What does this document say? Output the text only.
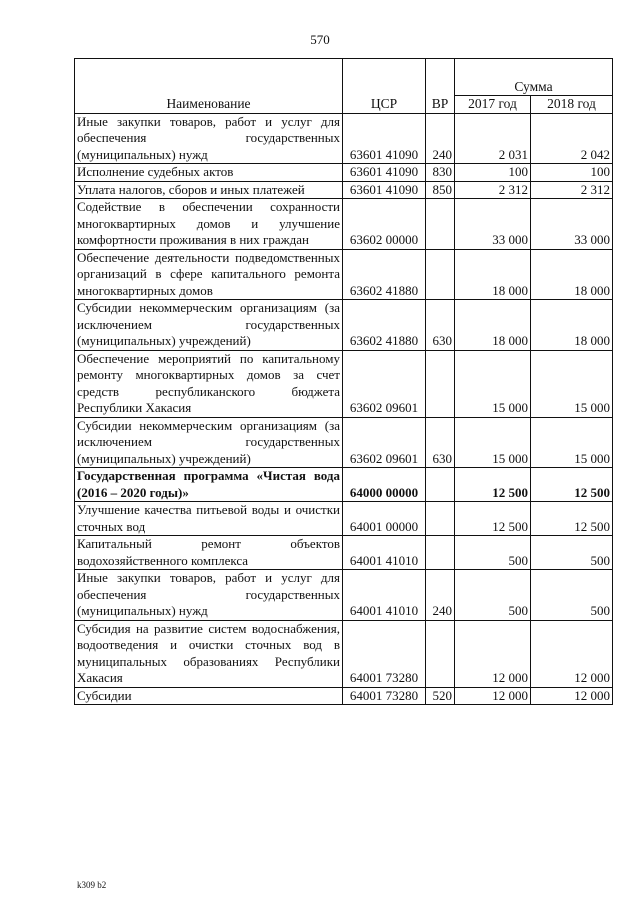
570
Наименование	ЦСР	ВР	Сумма	
			2017 год	2018 год
Иные закупки товаров, работ и услуг для обеспечения государственных (муниципальных) нужд	63601 41090	240	2 031	2 042
Исполнение судебных актов	63601 41090	830	100	100
Уплата налогов, сборов и иных платежей	63601 41090	850	2 312	2 312
Содействие в обеспечении сохранности многоквартирных домов и улучшение комфортности проживания в них граждан	63602 00000		33 000	33 000
Обеспечение деятельности подведомственных организаций в сфере капитального ремонта многоквартирных домов	63602 41880		18 000	18 000
Субсидии некоммерческим организациям (за исключением государственных (муниципальных) учреждений)	63602 41880	630	18 000	18 000
Обеспечение мероприятий по капитальному ремонту многоквартирных домов за счет средств республиканского бюджета Республики Хакасия	63602 09601		15 000	15 000
Субсидии некоммерческим организациям (за исключением государственных (муниципальных) учреждений)	63602 09601	630	15 000	15 000
Государственная программа «Чистая вода (2016 – 2020 годы)»	64000 00000		12 500	12 500
Улучшение качества питьевой воды и очистки сточных вод	64001 00000		12 500	12 500
Капитальный ремонт объектов водохозяйственного комплекса	64001 41010		500	500
Иные закупки товаров, работ и услуг для обеспечения государственных (муниципальных) нужд	64001 41010	240	500	500
Субсидия на развитие систем водоснабжения, водоотведения и очистки сточных вод в муниципальных образованиях Республики Хакасия	64001 73280		12 000	12 000
Субсидии	64001 73280	520	12 000	12 000
k309 b2
